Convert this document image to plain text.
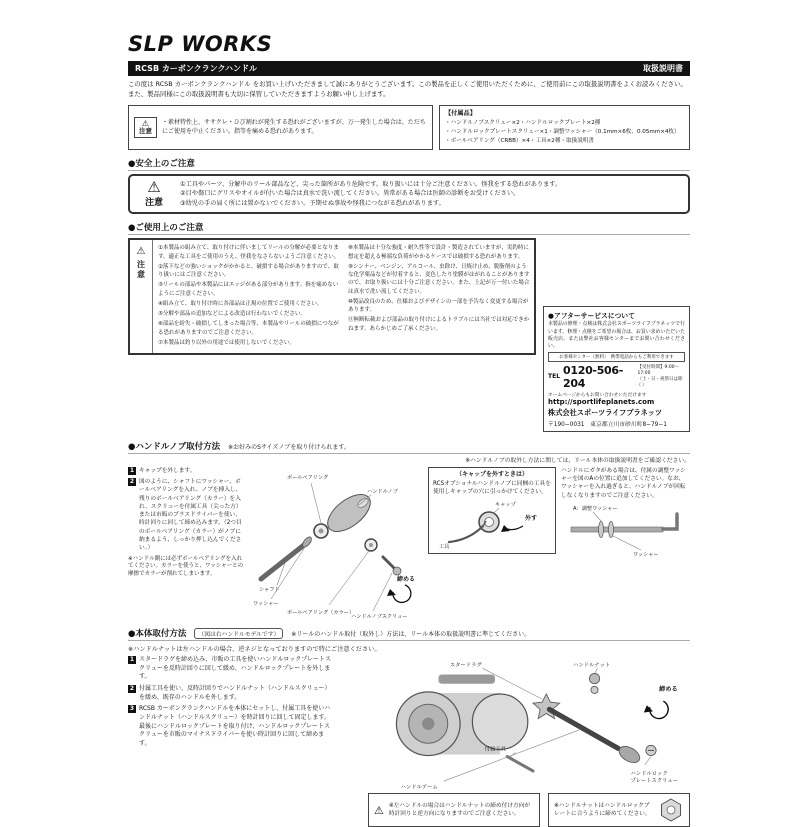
SLP WORKS
RCSB カーボンクランクハンドル	取扱説明書
この度は RCSB カーボンクランクハンドル をお買い上げいただきまして誠にありがとうございます。この製品を正しくご使用いただくために、ご使用前にこの取扱説明書をよくお読みください。
また、製品同様にこの取扱説明書も大切に保管していただきますようお願い申し上げます。
⚠
注意
・素材特性上、ササクレ・ひび割れが発生する恐れがございますが、万一発生した場合は、ただちにご使用を中止ください。指等を痛める恐れがあります。
【付属品】
・ハンドルノブスクリュー×2・ハンドルロックプレート×2種
・ハンドルロックプレートスクリュー×1・調整ワッシャー（0.1mm×6枚、0.05mm×4枚）
・ボールベアリング（CRBB）×4・工具×2種・取扱説明書
●安全上のご注意
⚠
注意
①工具やパーツ、分解中のリール部品など、尖った箇所があり危険です。取り扱いには十分ご注意ください。怪我をする恐れがあります。
②目や傷口にグリスやオイルが付いた場合は真水で洗い流してください。異常がある場合は医師の診断をお受けください。
③幼児の手の届く所には置かないでください。予期せぬ事故や怪我につながる恐れがあります。
●ご使用上のご注意
⚠
注意
①本製品の組み立て、取り付けに伴いましてリールの分解が必要となります。適正な工具をご使用のうえ、怪我をなさらないようご注意ください。
②落下などの強いショックがかかると、破損する場合がありますので、取り扱いにはご注意ください。
③リールの部品や本製品にはエッジがある部分があります。指を痛めないようにご注意ください。
④組み立て、取り付け時に各部品は正規の位置でご使用ください。
⑤分解や部品の追加などによる改造は行わないでください。
⑥部品を紛失・破損してしまった場合等、本製品やリールの破損につながる恐れがありますのでご注意ください。
⑦本製品は釣り以外の用途では使用しないでください。
⑧本製品は十分な強度・耐久性等で設計・製造されていますが、実釣時に想定を超える極端な負荷がかかるケースでは破損する恐れがあります。
⑨シンナー、ベンジン、アルコール、虫除け、日焼け止め、脱脂剤のような化学薬品などが付着すると、変色したり塗膜がはがれることがありますので、お取り扱いには十分ご注意ください。また、上記が万一付いた場合は真水で洗い流してください。
⑩製品改良のため、仕様およびデザインの一部を予告なく変更する場合があります。
⑪無断転載および部品の取り付けによるトラブルには当社では対応できかねます。あらかじめご了承ください。
●アフターサービスについて
本製品の修理・点検は株式会社スポーツライフプラネッツで行います。修理・点検をご希望の場合は、お買い求めいただいた販売店、または弊社お客様センターまでお問い合わせください。
お客様センター（無料）　携帯電話からもご利用できます
TEL 0120-506-204
【受付時間】9:00〜17:00
（土・日・祝祭日は除く）
ホームページからもお問い合わせいただけます
http://sportlifeplanets.com
株式会社スポーツライフプラネッツ
〒190−0031　東京都立川市砂川町8−79−1
●ハンドルノブ取付方法 ※お好みのSサイズノブを取り付けられます。
※ハンドルノブの取外し方法に関しては、リール本体の取扱説明書をご確認ください。
1 キャップを外します。
2 図のように、シャフトにワッシャー、ボールベアリングを入れ、ノブを挿入し、残りのボールベアリング（カラー）を入れ、スクリューを付属工具（尖った方）または市販のプラスドライバーを使い、時計回りに回して締め込みます。（2つ目のボールベアリング（カラー）がノブに納まるよう、しっかり押し込んでください。）
※ハンドル側には必ずボールベアリングを入れてください。カラーを使うと、ワッシャーとの摩擦でカラーが削れてしまいます。
ボールベアリング
ハンドルノブ
シャフト
ワッシャー
ボールベアリング（カラー）
ハンドルノブスクリュー
締める
（キャップを外すときは）
RCSオプショナルハンドルノブに同梱の工具を使用しキャップの穴に引っかけてください。
キャップ
工具
外す
ハンドルにガタがある場合は、付属の調整ワッシャーを図のAの位置に追加してください。なお、ワッシャーを入れ過ぎると、ハンドルノブが回転しなくなりますのでご注意ください。
A：調整ワッシャー
ワッシャー
●本体取付方法	（図は右ハンドルモデルです）	※リールのハンドル取付（取外し）方法は、リール本体の取扱説明書に準じてください。
※ハンドルナットは左ハンドルの場合、逆ネジとなっておりますので特にご注意ください。
1 スタードラグを締め込み、市販の工具を使いハンドルロックプレートスクリューを反時計回りに回して緩め、ハンドルロックプレートを外します。
2 付属工具を使い、反時計回りでハンドルナット（ハンドルスクリュー）を緩め、既存のハンドルを外します。
3 RCSB カーボンクランクハンドルを本体にセットし、付属工具を使いハンドルナット（ハンドルスクリュー）を時計回りに回して固定します。最後にハンドルロックプレートを取り付け、ハンドルロックプレートスクリューを市販のマイナスドライバーを使い時計回りに回して締めます。
スタードラグ	ハンドルナット
付属工具
ハンドルアーム
ハンドルロック
プレートスクリュー
締める
⚠ ※左ハンドルの場合はハンドルナットの締め付け方向が時計回りと逆方向になりますのでご注意ください。
※ハンドルナットはハンドルロックプレートに合うように締めてください。
